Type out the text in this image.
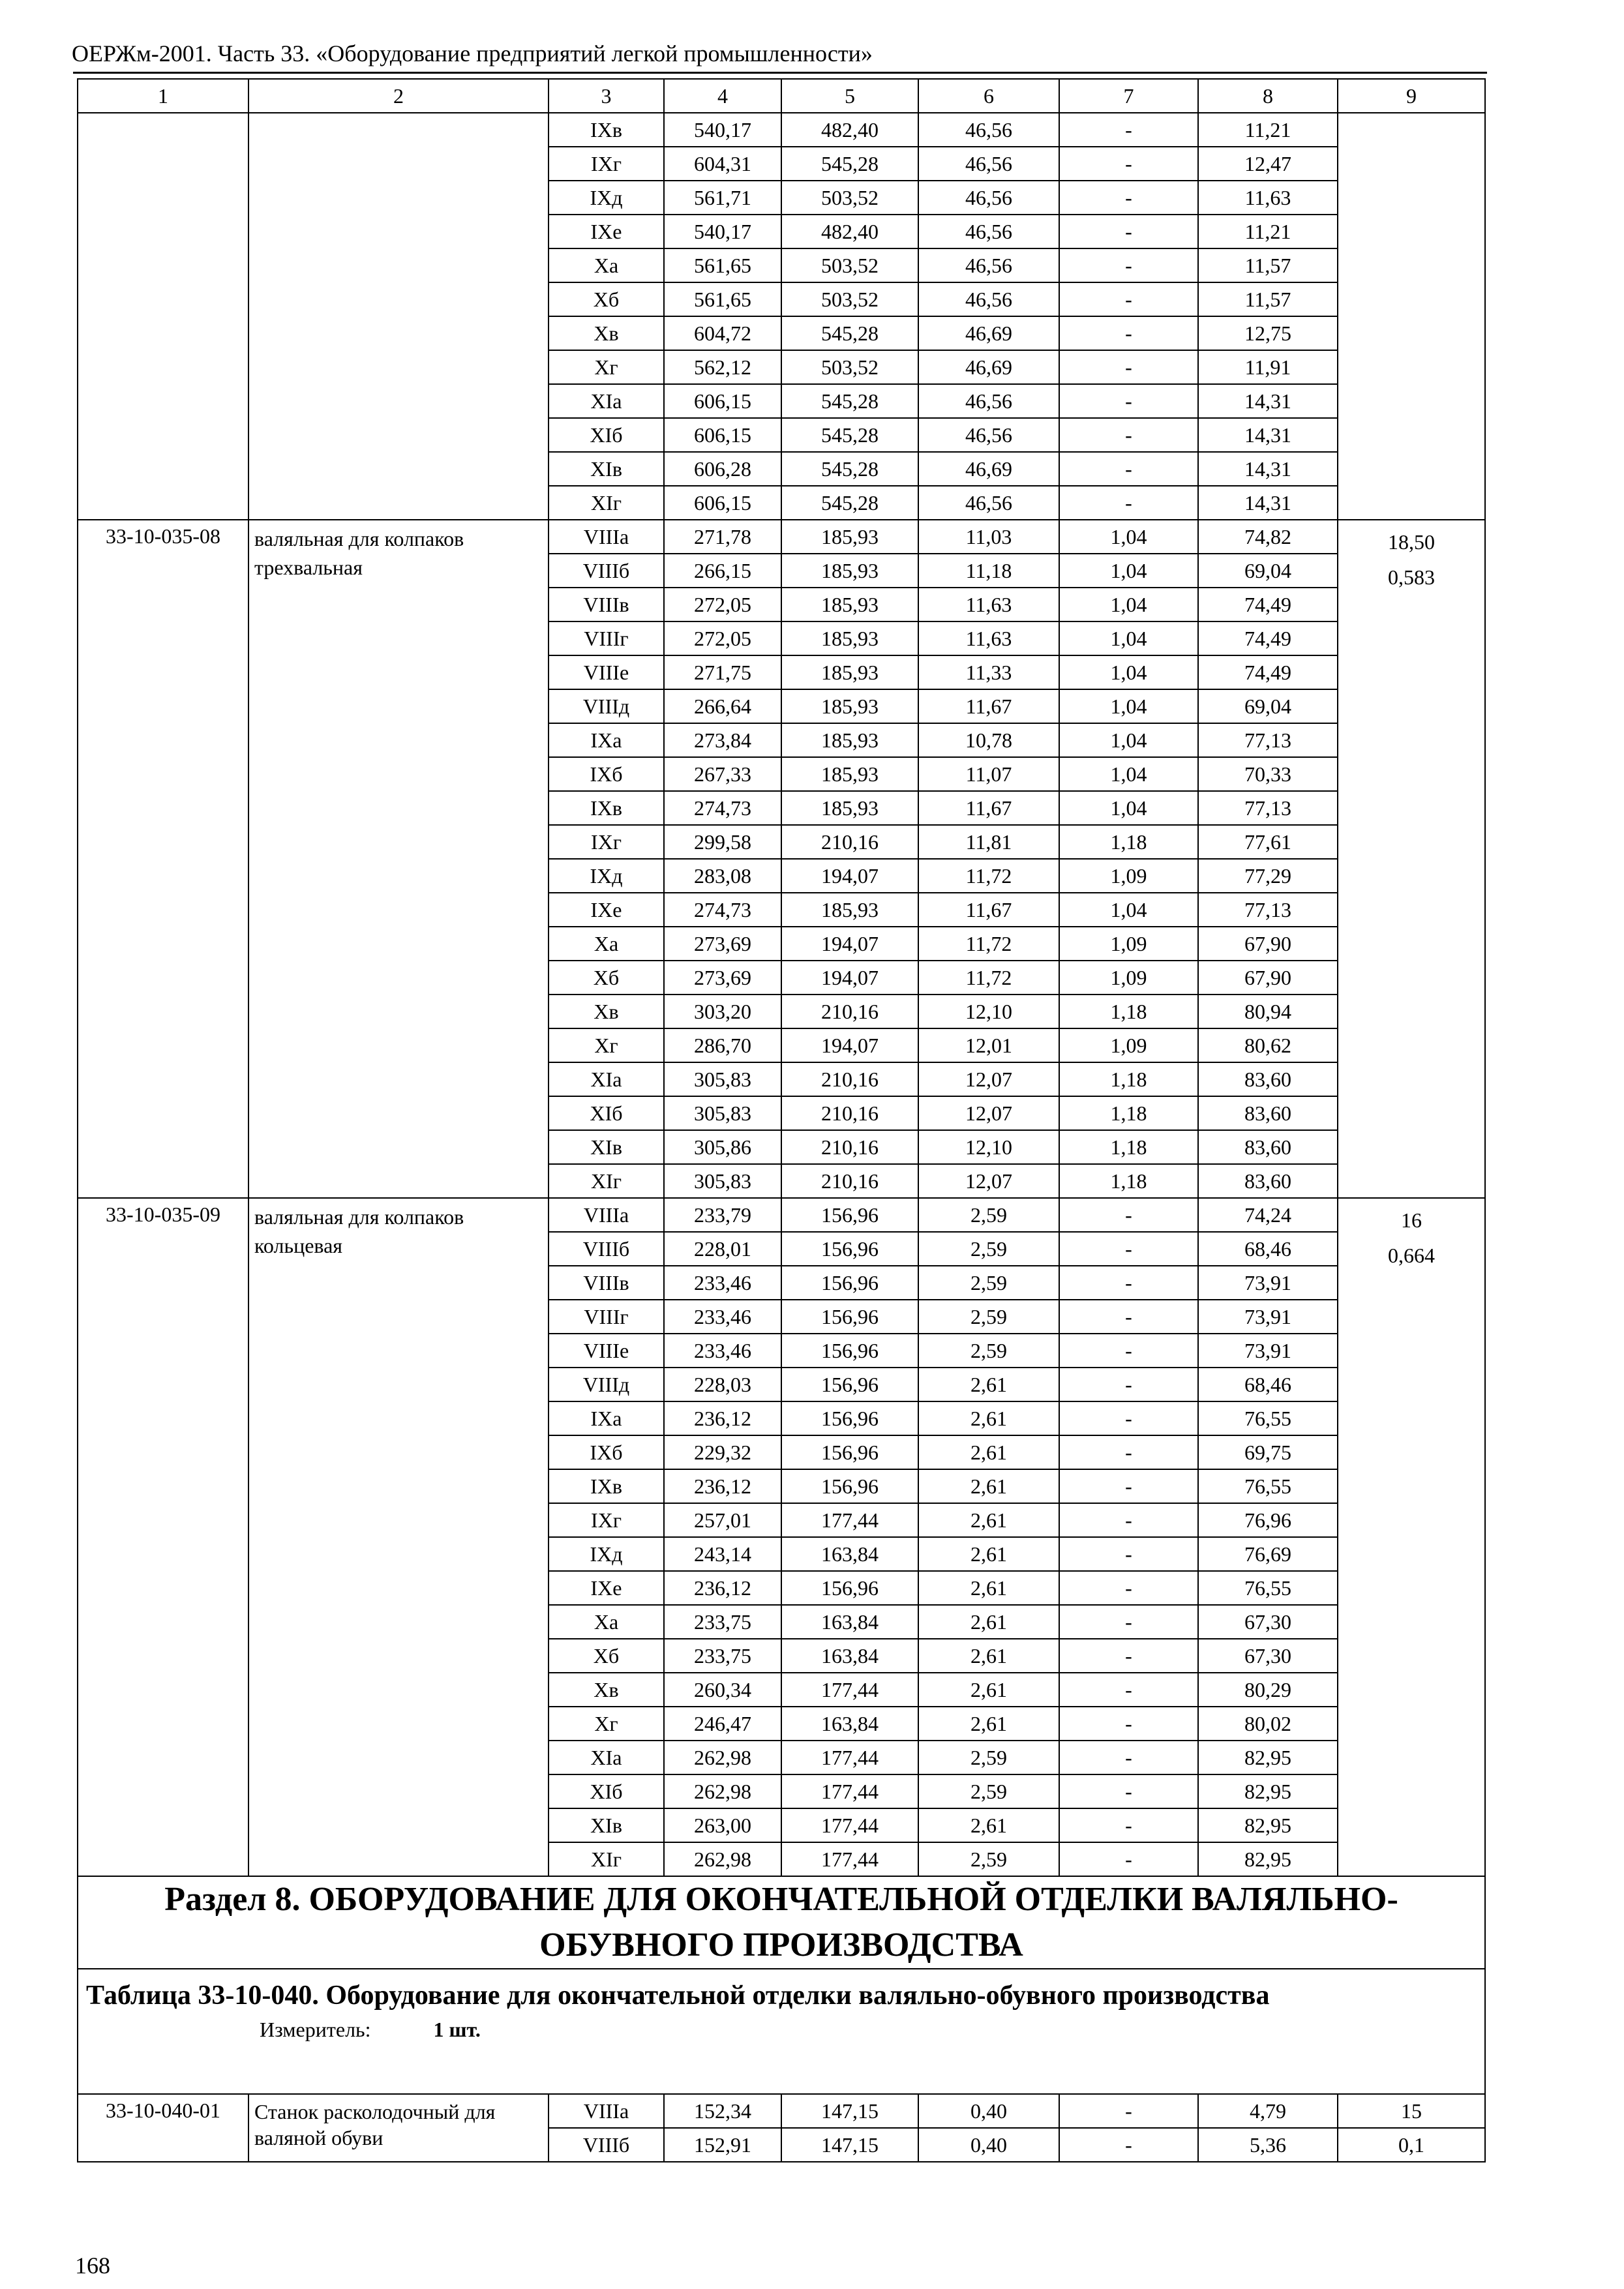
ОЕРЖм-2001. Часть 33. «Оборудование предприятий легкой промышленности»
1	2	3	4	5	6	7	8	9
		IXв	540,17	482,40	46,56	-	11,21	
		IXг	604,31	545,28	46,56	-	12,47	
		IXд	561,71	503,52	46,56	-	11,63	
		IXе	540,17	482,40	46,56	-	11,21	
		Xa	561,65	503,52	46,56	-	11,57	
		Xб	561,65	503,52	46,56	-	11,57	
		Xв	604,72	545,28	46,69	-	12,75	
		Xг	562,12	503,52	46,69	-	11,91	
		XIa	606,15	545,28	46,56	-	14,31	
		XIб	606,15	545,28	46,56	-	14,31	
		XIв	606,28	545,28	46,69	-	14,31	
		XIг	606,15	545,28	46,56	-	14,31	
33-10-035-08	валяльная для колпаков трехвальная	VIIIa	271,78	185,93	11,03	1,04	74,82	18,50
0,583

		VIIIб	266,15	185,93	11,18	1,04	69,04	
		VIIIв	272,05	185,93	11,63	1,04	74,49	
		VIIIг	272,05	185,93	11,63	1,04	74,49	
		VIIIе	271,75	185,93	11,33	1,04	74,49	
		VIIIд	266,64	185,93	11,67	1,04	69,04	
		IXa	273,84	185,93	10,78	1,04	77,13	
		IXб	267,33	185,93	11,07	1,04	70,33	
		IXв	274,73	185,93	11,67	1,04	77,13	
		IXг	299,58	210,16	11,81	1,18	77,61	
		IXд	283,08	194,07	11,72	1,09	77,29	
		IXе	274,73	185,93	11,67	1,04	77,13	
		Xa	273,69	194,07	11,72	1,09	67,90	
		Xб	273,69	194,07	11,72	1,09	67,90	
		Xв	303,20	210,16	12,10	1,18	80,94	
		Xг	286,70	194,07	12,01	1,09	80,62	
		XIa	305,83	210,16	12,07	1,18	83,60	
		XIб	305,83	210,16	12,07	1,18	83,60	
		XIв	305,86	210,16	12,10	1,18	83,60	
		XIг	305,83	210,16	12,07	1,18	83,60	
33-10-035-09	валяльная для колпаков кольцевая	VIIIa	233,79	156,96	2,59	-	74,24	16
0,664

		VIIIб	228,01	156,96	2,59	-	68,46	
		VIIIв	233,46	156,96	2,59	-	73,91	
		VIIIг	233,46	156,96	2,59	-	73,91	
		VIIIе	233,46	156,96	2,59	-	73,91	
		VIIIд	228,03	156,96	2,61	-	68,46	
		IXa	236,12	156,96	2,61	-	76,55	
		IXб	229,32	156,96	2,61	-	69,75	
		IXв	236,12	156,96	2,61	-	76,55	
		IXг	257,01	177,44	2,61	-	76,96	
		IXд	243,14	163,84	2,61	-	76,69	
		IXе	236,12	156,96	2,61	-	76,55	
		Xa	233,75	163,84	2,61	-	67,30	
		Xб	233,75	163,84	2,61	-	67,30	
		Xв	260,34	177,44	2,61	-	80,29	
		Xг	246,47	163,84	2,61	-	80,02	
		XIa	262,98	177,44	2,59	-	82,95	
		XIб	262,98	177,44	2,59	-	82,95	
		XIв	263,00	177,44	2,61	-	82,95	
		XIг	262,98	177,44	2,59	-	82,95	
Раздел 8. ОБОРУДОВАНИЕ ДЛЯ ОКОНЧАТЕЛЬНОЙ ОТДЕЛКИ ВАЛЯЛЬНО-ОБУВНОГО ПРОИЗВОДСТВА								

Таблица 33-10-040. Оборудование для окончательной отделки валяльно-обувного производства
Измеритель: 1 шт.								

33-10-040-01	Станок расколодочный для валяной обуви	VIIIa	152,34	147,15	0,40	-	4,79	15
		VIIIб	152,91	147,15	0,40	-	5,36	0,1
168
